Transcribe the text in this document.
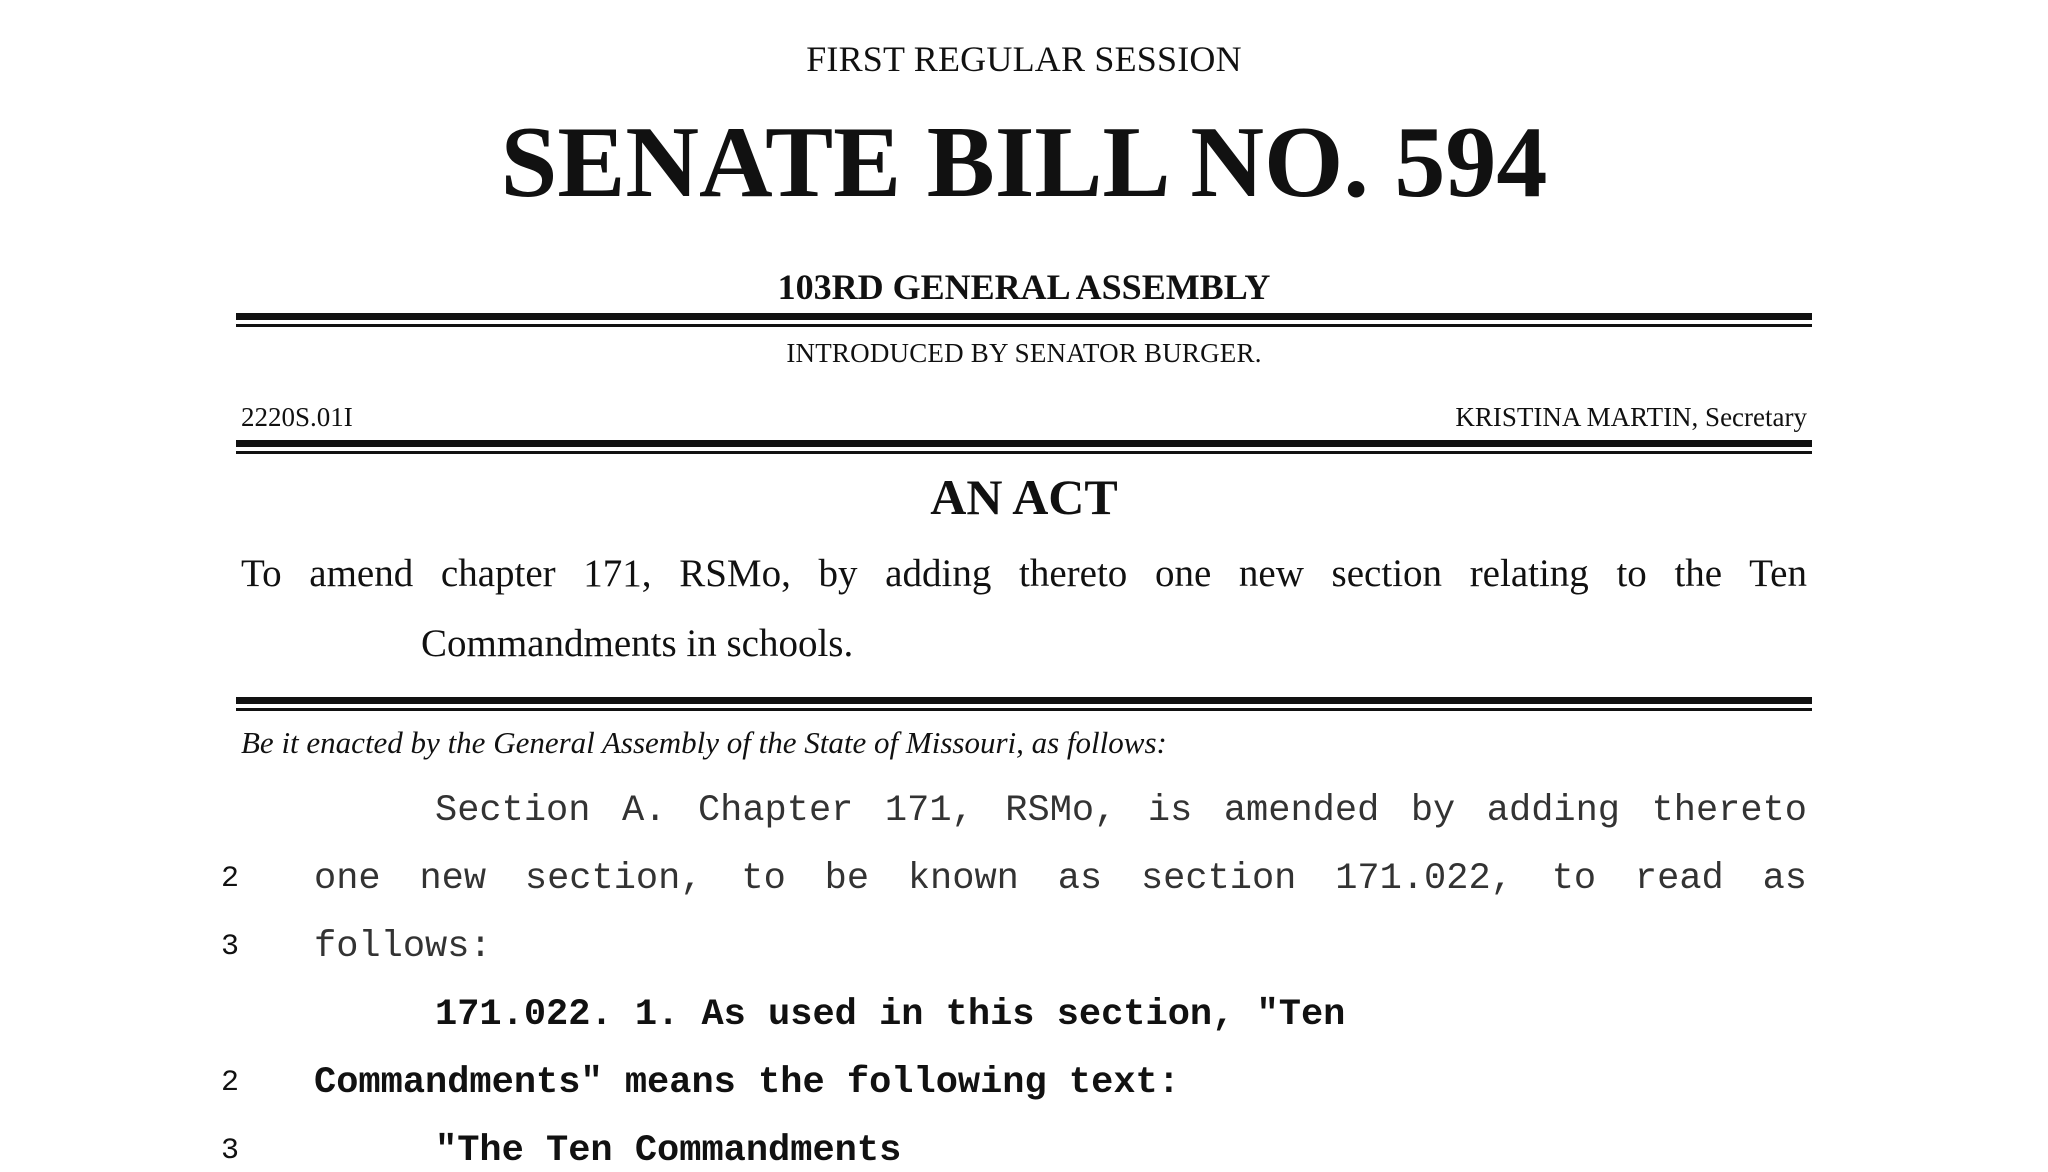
FIRST REGULAR SESSION
SENATE BILL NO. 594
103RD GENERAL ASSEMBLY
INTRODUCED BY SENATOR BURGER.
2220S.01I	KRISTINA MARTIN, Secretary
AN ACT
To amend chapter 171, RSMo, by adding thereto one new section relating to the Ten
Commandments in schools.
Be it enacted by the General Assembly of the State of Missouri, as follows:
Section A. Chapter 171, RSMo, is amended by adding thereto
2 one new section, to be known as section 171.022, to read as
3 follows:
171.022. 1. As used in this section, "Ten
2 Commandments" means the following text:
3	"The Ten Commandments
